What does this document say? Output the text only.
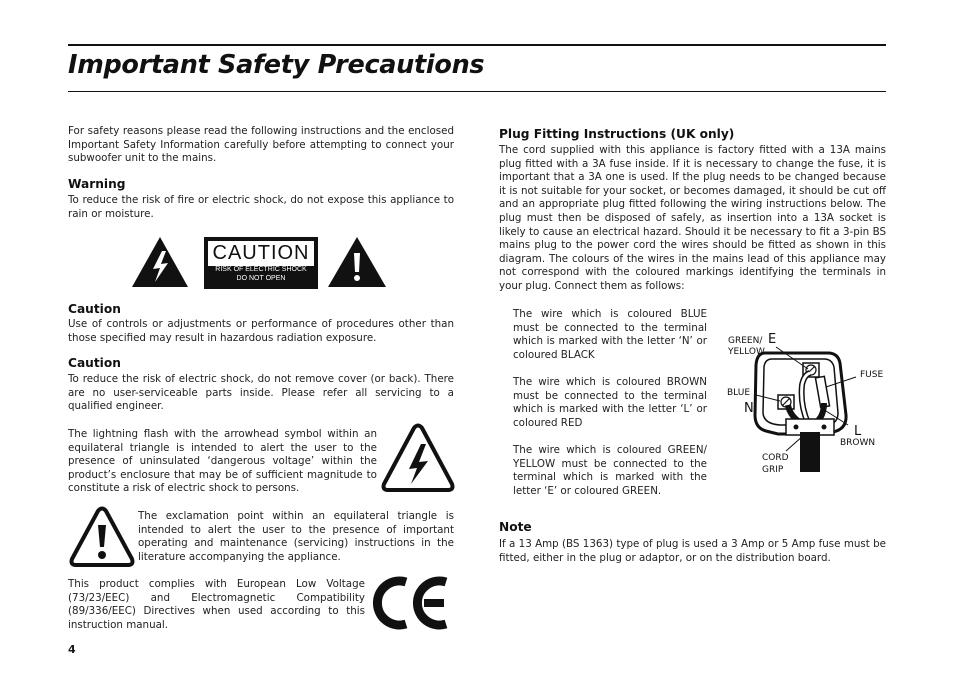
Important Safety Precautions

For safety reasons please read the following instructions and the enclosed Important Safety Information carefully before attempting to connect your subwoofer unit to the mains.

Warning

To reduce the risk of fire or electric shock, do not expose this appliance to rain or moisture.

CAUTION
RISK OF ELECTRIC SHOCK
DO NOT OPEN
Caution

Use of controls or adjustments or performance of procedures other than those specified may result in hazardous radiation exposure.

Caution

To reduce the risk of electric shock, do not remove cover (or back). There are no user-serviceable parts inside. Please refer all servicing to a qualified engineer.

The lightning flash with the arrowhead symbol within an equilateral triangle is intended to alert the user to the presence of uninsulated ‘dangerous voltage’ within the product’s enclosure that may be of sufficient magnitude to constitute a risk of electric shock to persons.

The exclamation point within an equilateral triangle is intended to alert the user to the presence of important operating and maintenance (servicing) instructions in the literature accompanying the appliance.

This product complies with European Low Voltage (73/23/EEC) and Electromagnetic Compatibility (89/336/EEC) Directives when used according to this instruction manual.

4
Plug Fitting Instructions (UK only)

The cord supplied with this appliance is factory fitted with a 13A mains plug fitted with a 3A fuse inside. If it is necessary to change the fuse, it is important that a 3A one is used. If the plug needs to be changed because it is not suitable for your socket, or becomes damaged, it should be cut off and an appropriate plug fitted following the wiring instructions below. The plug must then be disposed of safely, as insertion into a 13A socket is likely to cause an electrical hazard. Should it be necessary to fit a 3-pin BS mains plug to the power cord the wires should be fitted as shown in this diagram. The colours of the wires in the mains lead of this appliance may not correspond with the coloured markings identifying the terminals in your plug. Connect them as follows:

The wire which is coloured BLUE must be connected to the terminal which is marked with the letter ‘N’ or coloured BLACK

The wire which is coloured BROWN must be connected to the terminal which is marked with the letter ‘L’ or coloured RED

The wire which is coloured GREEN/ YELLOW must be connected to the terminal which is marked with the letter ‘E’ or coloured GREEN.

GREEN/ E
YELLOW
BLUE
N
FUSE
L
BROWN
CORD
GRIP
Note

If a 13 Amp (BS 1363) type of plug is used a 3 Amp or 5 Amp fuse must be fitted, either in the plug or adaptor, or on the distribution board.
